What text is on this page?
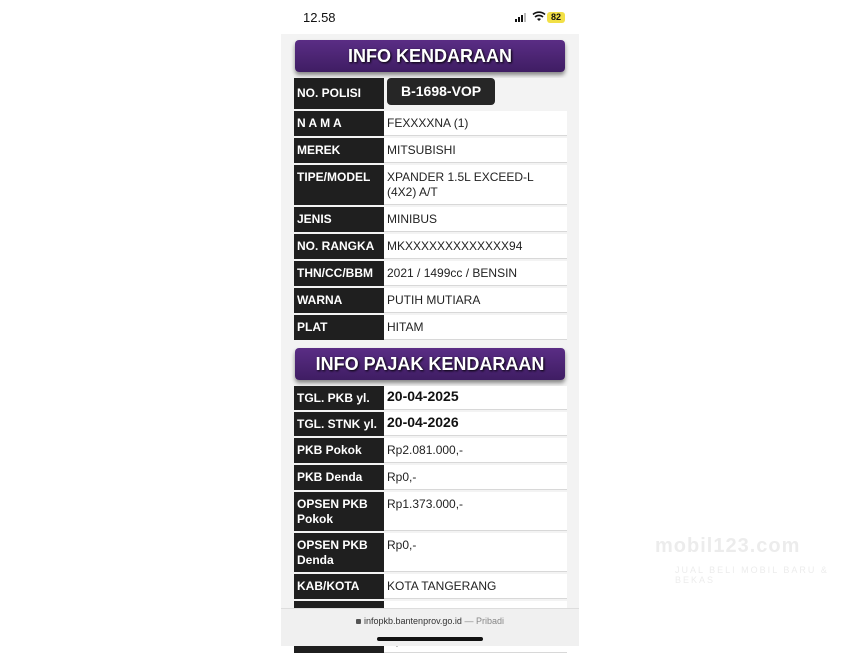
12.58	82
INFO KENDARAAN
NO. POLISI	B-1698-VOP
N A M A	FEXXXXNA (1)
MEREK	MITSUBISHI
TIPE/MODEL	XPANDER 1.5L EXCEED-L (4X2) A/T
JENIS	MINIBUS
NO. RANGKA	MKXXXXXXXXXXXXX94
THN/CC/BBM	2021 / 1499cc / BENSIN
WARNA	PUTIH MUTIARA
PLAT	HITAM
INFO PAJAK KENDARAAN
TGL. PKB yl.	20-04-2025
TGL. STNK yl.	20-04-2026
PKB Pokok	Rp2.081.000,-
PKB Denda	Rp0,-
OPSEN PKB Pokok	Rp1.373.000,-
OPSEN PKB Denda	Rp0,-
KAB/KOTA	KOTA TANGERANG

infopkb.bantenprov.go.id — Pribadi
mobil123.com
JUAL BELI MOBIL BARU & BEKAS
